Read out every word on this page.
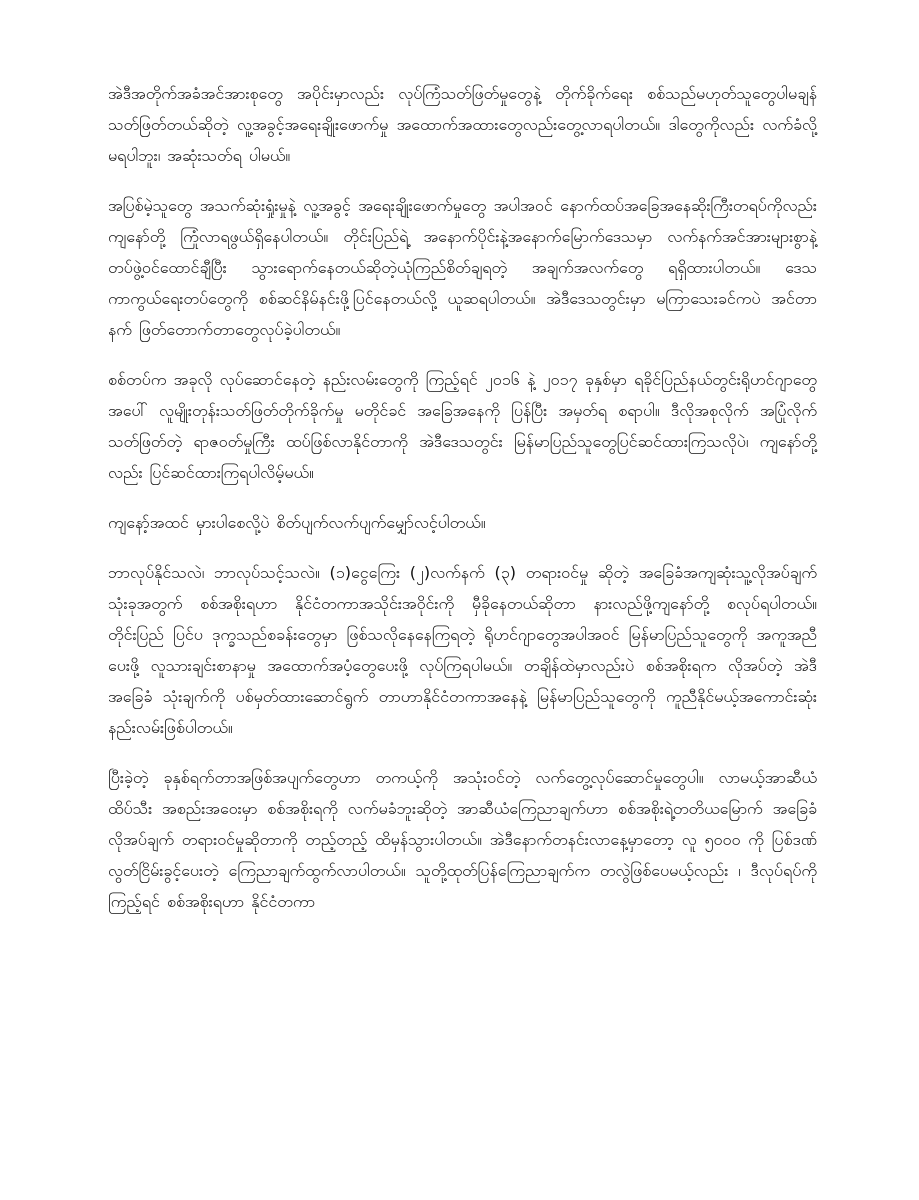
အဲဒီအတိုက်အခံအင်အားစုတွေ အပိုင်းမှာလည်း လုပ်ကြံသတ်ဖြတ်မှုတွေနဲ့ တိုက်ခိုက်ရေး စစ်သည်မဟုတ်သူတွေပါမချန် သတ်ဖြတ်တယ်ဆိုတဲ့ လူ့အခွင့်အရေးချိုးဖောက်မှု အထောက်အထားတွေလည်းတွေ့လာရပါတယ်။ ဒါတွေကိုလည်း လက်ခံလို့မရပါဘူး၊ အဆုံးသတ်ရ ပါမယ်။

အပြစ်မဲ့သူတွေ အသက်ဆုံးရှုံးမှုနဲ့ လူ့အခွင့် အရေးချိုးဖောက်မှုတွေ အပါအဝင် နောက်ထပ်အခြေအနေဆိုးကြီးတရပ်ကိုလည်း ကျနော်တို့ ကြုံလာရဖွယ်ရှိနေပါတယ်။ တိုင်းပြည်ရဲ့ အနောက်ပိုင်းနဲ့အနောက်မြောက်ဒေသမှာ လက်နက်အင်အားများစွာနဲ့ တပ်ဖွဲ့ဝင်ထောင်ချီပြီး သွားရောက်နေတယ်ဆိုတဲ့ယုံကြည်စိတ်ချရတဲ့ အချက်အလက်တွေ ရရှိထားပါတယ်။ ဒေသကာကွယ်ရေးတပ်တွေကို စစ်ဆင်နိမ်နင်းဖို့ပြင်နေတယ်လို့ ယူဆရပါတယ်။ အဲဒီဒေသတွင်းမှာ မကြာသေးခင်ကပဲ အင်တာနက် ဖြတ်တောက်တာတွေလုပ်ခဲ့ပါတယ်။

စစ်တပ်က အခုလို လုပ်ဆောင်နေတဲ့ နည်းလမ်းတွေကို ကြည့်ရင် ၂၀၁၆ နဲ့ ၂၀၁၇ ခုနှစ်မှာ ရခိုင်ပြည်နယ်တွင်းရိုဟင်ဂျာတွေအပေါ် လူမျိုးတုန်းသတ်ဖြတ်တိုက်ခိုက်မှု မတိုင်ခင် အခြေအနေကို ပြန်ပြီး အမှတ်ရ စရာပါ။ ဒီလိုအစုလိုက် အပြုံလိုက်သတ်ဖြတ်တဲ့ ရာဇဝတ်မှုကြီး ထပ်ဖြစ်လာနိုင်တာကို အဲဒီဒေသတွင်း မြန်မာပြည်သူတွေပြင်ဆင်ထားကြသလိုပဲ၊ ကျနော်တို့လည်း ပြင်ဆင်ထားကြရပါလိမ့်မယ်။

ကျနော့်အထင် မှားပါစေလို့ပဲ စိတ်ပျက်လက်ပျက်မျှော်လင့်ပါတယ်။

ဘာလုပ်နိုင်သလဲ၊ ဘာလုပ်သင့်သလဲ။ (၁)ငွေကြေး (၂)လက်နက် (၃) တရားဝင်မှု ဆိုတဲ့ အခြေခံအကျဆုံးသူ့လိုအပ်ချက်သုံးခုအတွက် စစ်အစိုးရဟာ နိုင်ငံတကာအသိုင်းအဝိုင်းကို မှီခိုနေတယ်ဆိုတာ နားလည်ဖို့ကျနော်တို့ စလုပ်ရပါတယ်။ တိုင်းပြည် ပြင်ပ ဒုက္ခသည်စခန်းတွေမှာ ဖြစ်သလိုနေနေကြရတဲ့ ရိုဟင်ဂျာတွေအပါအဝင် မြန်မာပြည်သူတွေကို အကူအညီပေးဖို့ လူသားချင်းစာနာမှု အထောက်အပံ့တွေပေးဖို့ လုပ်ကြရပါမယ်။ တချိန်ထဲမှာလည်းပဲ စစ်အစိုးရက လိုအပ်တဲ့ အဲဒီအခြေခံ သုံးချက်ကို ပစ်မှတ်ထားဆောင်ရွက် တာဟာနိုင်ငံတကာအနေနဲ့ မြန်မာပြည်သူတွေကို ကူညီနိုင်မယ့်အကောင်းဆုံးနည်းလမ်းဖြစ်ပါတယ်။

ပြီးခဲ့တဲ့ ခုနှစ်ရက်တာအဖြစ်အပျက်တွေဟာ တကယ့်ကို အသုံးဝင်တဲ့ လက်တွေ့လုပ်ဆောင်မှုတွေပါ။ လာမယ့်အာဆီယံထိပ်သီး အစည်းအဝေးမှာ စစ်အစိုးရကို လက်မခံဘူးဆိုတဲ့ အာဆီယံကြေညာချက်ဟာ စစ်အစိုးရဲ့တတိယမြောက် အခြေခံလိုအပ်ချက် တရားဝင်မှုဆိုတာကို တည့်တည့် ထိမှန်သွားပါတယ်။ အဲဒီနောက်တနင်းလာနေ့မှာတော့ လူ ၅၀၀၀ ကို ပြစ်ဒဏ် လွတ်ငြိမ်းခွင့်ပေးတဲ့ ကြေညာချက်ထွက်လာပါတယ်။ သူတို့ထုတ်ပြန်ကြေညာချက်က တလွဲဖြစ်ပေမယ့်လည်း ၊ ဒီလုပ်ရပ်ကိုကြည့်ရင် စစ်အစိုးရဟာ နိုင်ငံတကာ
